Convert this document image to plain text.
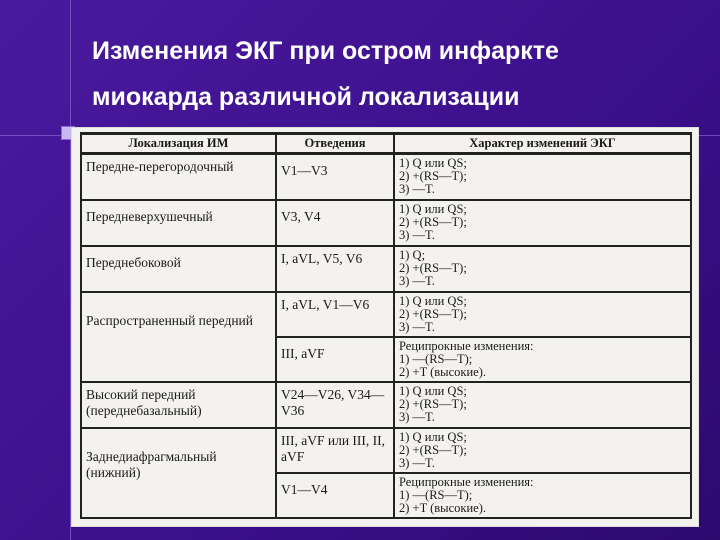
Изменения ЭКГ при остром инфаркте
миокарда различной локализации
Локализация ИМ	Отведения	Характер изменений ЭКГ

Передне-перегородочный	V1—V3	1) Q или QS;
2) +(RS—T);
3) —T.

Передневерхушечный	V3, V4	1) Q или QS;
2) +(RS—T);
3) —T.

Переднебоковой	I, aVL, V5, V6	1) Q;
2) +(RS—T);
3) —T.

Распространенный передний	I, aVL, V1—V6	1) Q или QS;
2) +(RS—T);
3) —T.

	III, aVF	Реципрокные изменения:
1) —(RS—T);
2) +T (высокие).

Высокий передний (переднебазальный)	V24—V26, V34—V36	1) Q или QS;
2) +(RS—T);
3) —T.

Заднедиафрагмальный (нижний)	III, aVF или III, II, aVF	1) Q или QS;
2) +(RS—T);
3) —T.

	V1—V4	Реципрокные изменения:
1) —(RS—T);
2) +T (высокие).
